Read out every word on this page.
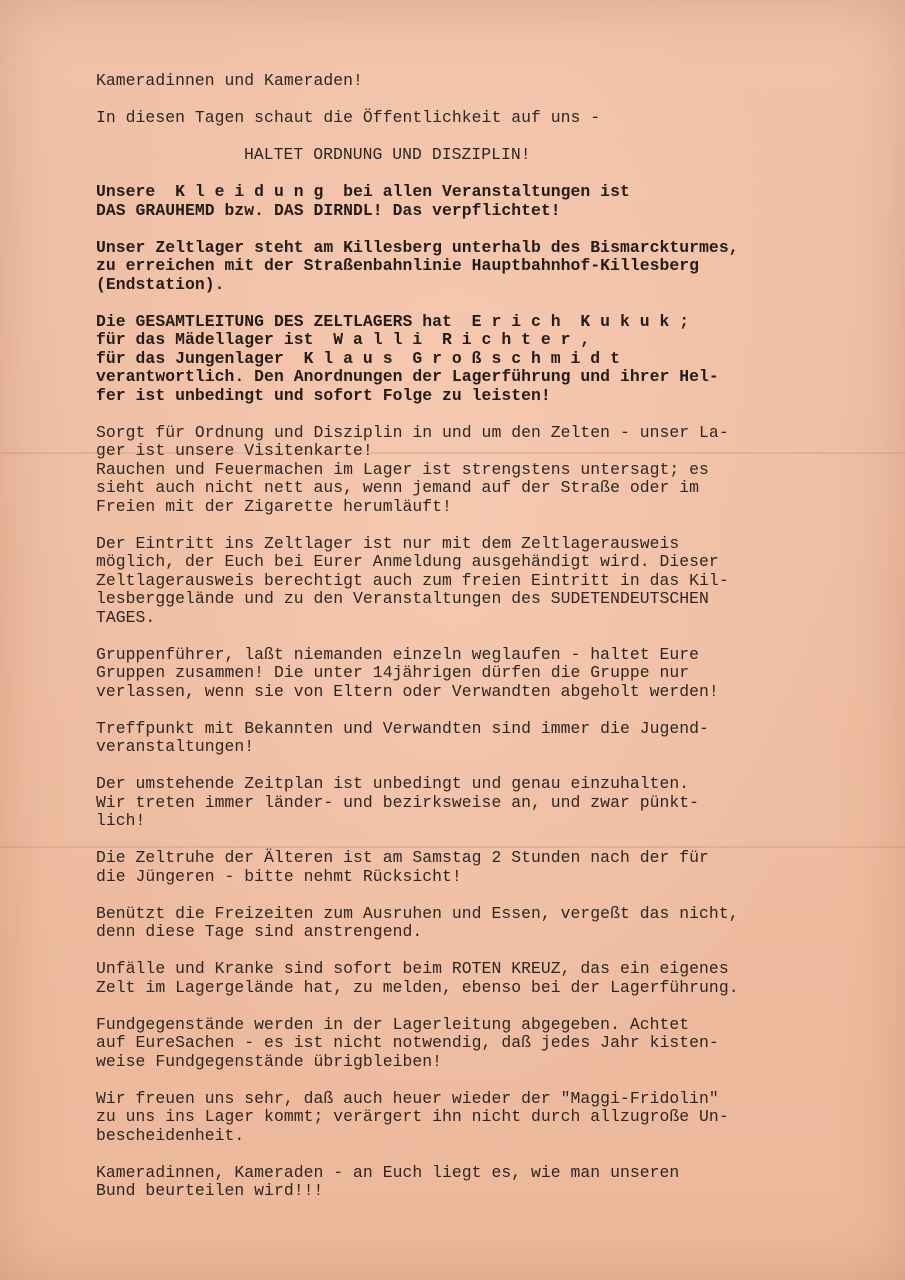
Kameradinnen und Kameraden!
In diesen Tagen schaut die Öffentlichkeit auf uns -
HALTET ORDNUNG UND DISZIPLIN!
Unsere  K l e i d u n g  bei allen Veranstaltungen ist
DAS GRAUHEMD bzw. DAS DIRNDL! Das verpflichtet!
Unser Zeltlager steht am Killesberg unterhalb des Bismarckturmes,
zu erreichen mit der Straßenbahnlinie Hauptbahnhof-Killesberg
(Endstation).
Die GESAMTLEITUNG DES ZELTLAGERS hat  E r i c h  K u k u k ;
für das Mädellager ist  W a l l i  R i c h t e r ,
für das Jungenlager  K l a u s  G r o ß s c h m i d t
verantwortlich. Den Anordnungen der Lagerführung und ihrer Hel-
fer ist unbedingt und sofort Folge zu leisten!
Sorgt für Ordnung und Disziplin in und um den Zelten - unser La-
ger ist unsere Visitenkarte!
Rauchen und Feuermachen im Lager ist strengstens untersagt; es
sieht auch nicht nett aus, wenn jemand auf der Straße oder im
Freien mit der Zigarette herumläuft!
Der Eintritt ins Zeltlager ist nur mit dem Zeltlagerausweis
möglich, der Euch bei Eurer Anmeldung ausgehändigt wird. Dieser
Zeltlagerausweis berechtigt auch zum freien Eintritt in das Kil-
lesberggelände und zu den Veranstaltungen des SUDETENDEUTSCHEN
TAGES.
Gruppenführer, laßt niemanden einzeln weglaufen - haltet Eure
Gruppen zusammen! Die unter 14jährigen dürfen die Gruppe nur
verlassen, wenn sie von Eltern oder Verwandten abgeholt werden!
Treffpunkt mit Bekannten und Verwandten sind immer die Jugend-
veranstaltungen!
Der umstehende Zeitplan ist unbedingt und genau einzuhalten.
Wir treten immer länder- und bezirksweise an, und zwar pünkt-
lich!
Die Zeltruhe der Älteren ist am Samstag 2 Stunden nach der für
die Jüngeren - bitte nehmt Rücksicht!
Benützt die Freizeiten zum Ausruhen und Essen, vergeßt das nicht,
denn diese Tage sind anstrengend.
Unfälle und Kranke sind sofort beim ROTEN KREUZ, das ein eigenes
Zelt im Lagergelände hat, zu melden, ebenso bei der Lagerführung.
Fundgegenstände werden in der Lagerleitung abgegeben. Achtet
auf EureSachen - es ist nicht notwendig, daß jedes Jahr kisten-
weise Fundgegenstände übrigbleiben!
Wir freuen uns sehr, daß auch heuer wieder der "Maggi-Fridolin"
zu uns ins Lager kommt; verärgert ihn nicht durch allzugroße Un-
bescheidenheit.
Kameradinnen, Kameraden - an Euch liegt es, wie man unseren
Bund beurteilen wird!!!
